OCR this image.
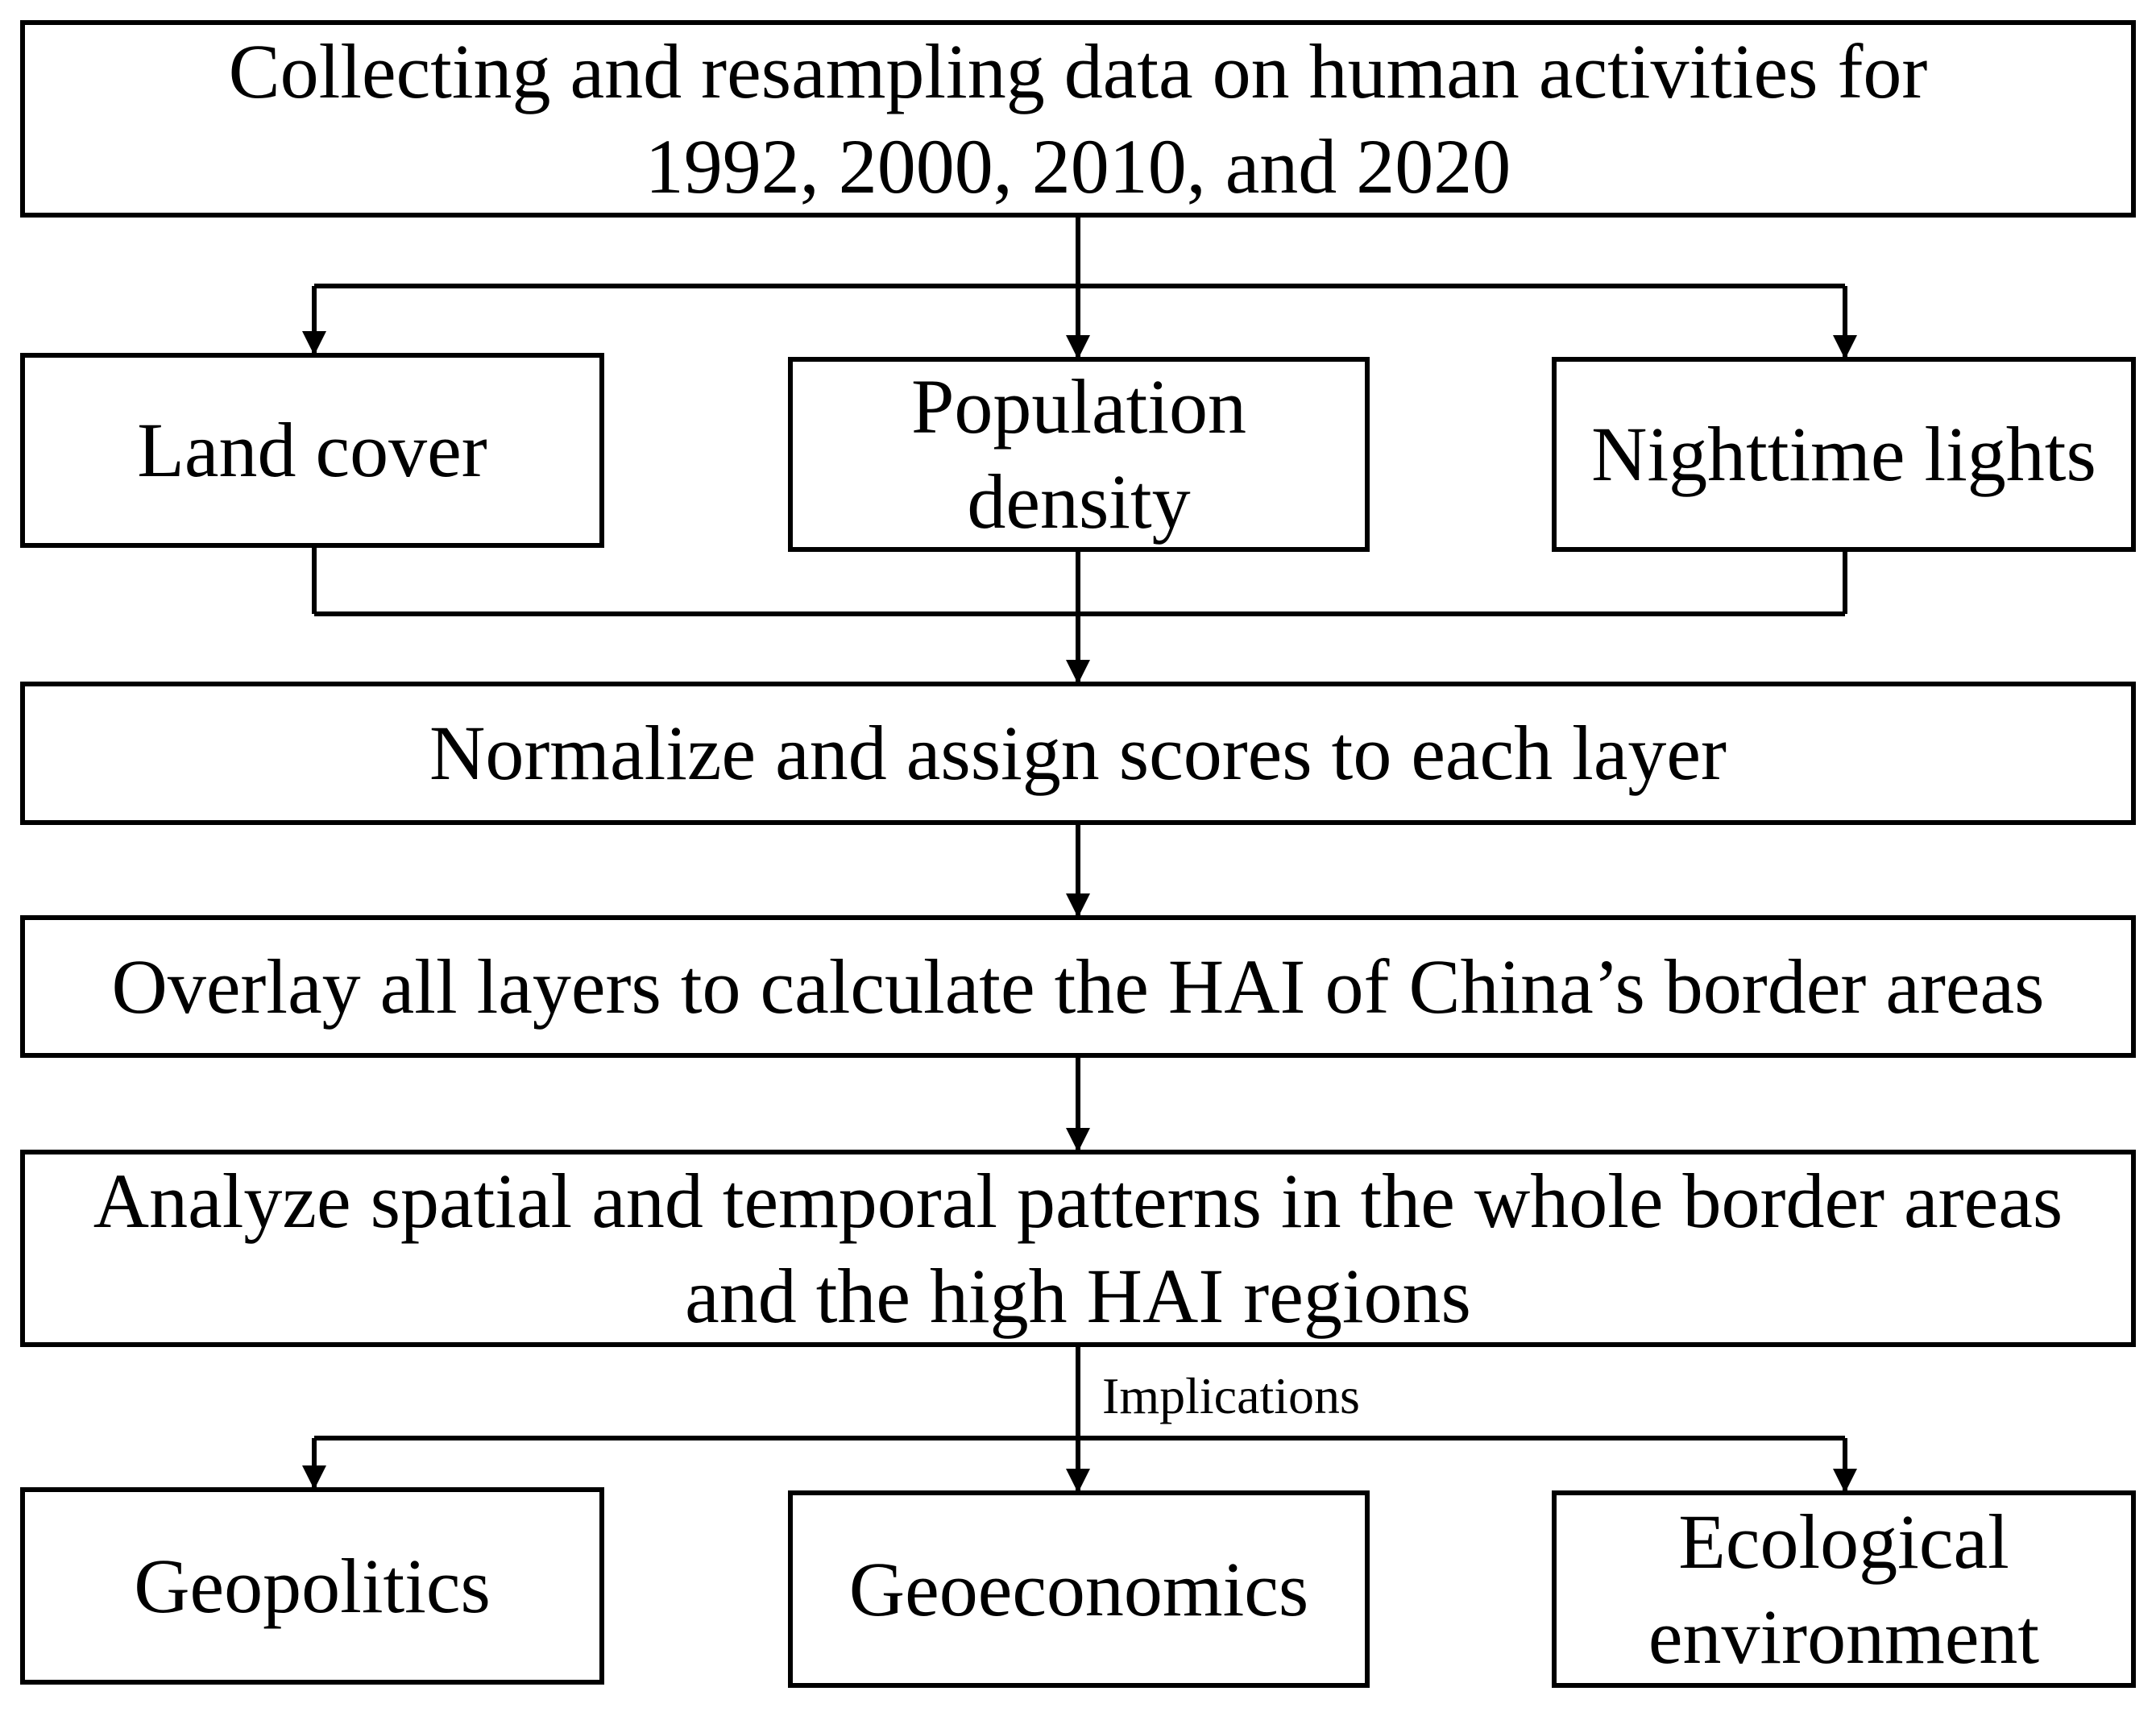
Collecting and resampling data on human activities for
1992, 2000, 2010, and 2020
Land cover
Population
density
Nighttime lights
Normalize and assign scores to each layer
Overlay all layers to calculate the HAI of China’s border areas
Analyze spatial and temporal patterns in the whole border areas
and the high HAI regions
Implications
Geopolitics	Geoeconomics
Ecological
environment
